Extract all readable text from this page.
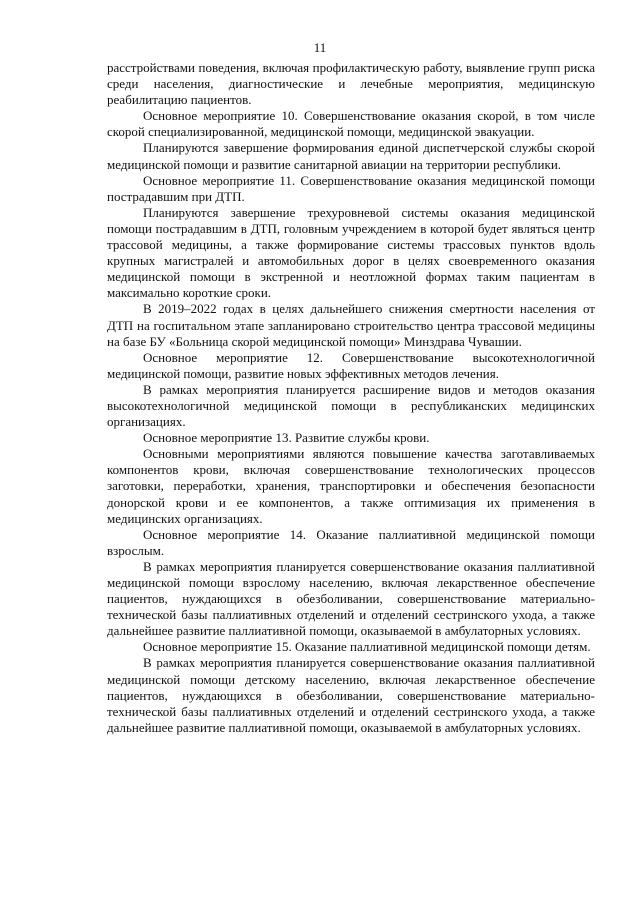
11

расстройствами поведения, включая профилактическую работу, выявление групп риска среди населения, диагностические и лечебные мероприятия, медицинскую реабилитацию пациентов.

Основное мероприятие 10. Совершенствование оказания скорой, в том числе скорой специализированной, медицинской помощи, медицинской эвакуации.

Планируются завершение формирования единой диспетчерской службы скорой медицинской помощи и развитие санитарной авиации на территории республики.

Основное мероприятие 11. Совершенствование оказания медицинской помощи пострадавшим при ДТП.

Планируются завершение трехуровневой системы оказания медицинской помощи пострадавшим в ДТП, головным учреждением в которой будет являться центр трассовой медицины, а также формирование системы трассовых пунктов вдоль крупных магистралей и автомобильных дорог в целях своевременного оказания медицинской помощи в экстренной и неотложной формах таким пациентам в максимально короткие сроки.

В 2019–2022 годах в целях дальнейшего снижения смертности населения от ДТП на госпитальном этапе запланировано строительство центра трассовой медицины на базе БУ «Больница скорой медицинской помощи» Минздрава Чувашии.

Основное мероприятие 12. Совершенствование высокотехнологичной медицинской помощи, развитие новых эффективных методов лечения.

В рамках мероприятия планируется расширение видов и методов оказания высокотехнологичной медицинской помощи в республиканских медицинских организациях.

Основное мероприятие 13. Развитие службы крови.

Основными мероприятиями являются повышение качества заготавливаемых компонентов крови, включая совершенствование технологических процессов заготовки, переработки, хранения, транспортировки и обеспечения безопасности донорской крови и ее компонентов, а также оптимизация их применения в медицинских организациях.

Основное мероприятие 14. Оказание паллиативной медицинской помощи взрослым.

В рамках мероприятия планируется совершенствование оказания паллиативной медицинской помощи взрослому населению, включая лекарственное обеспечение пациентов, нуждающихся в обезболивании, совершенствование материально-технической базы паллиативных отделений и отделений сестринского ухода, а также дальнейшее развитие паллиативной помощи, оказываемой в амбулаторных условиях.

Основное мероприятие 15. Оказание паллиативной медицинской помощи детям.

В рамках мероприятия планируется совершенствование оказания паллиативной медицинской помощи детскому населению, включая лекарственное обеспечение пациентов, нуждающихся в обезболивании, совершенствование материально-технической базы паллиативных отделений и отделений сестринского ухода, а также дальнейшее развитие паллиативной помощи, оказываемой в амбулаторных условиях.
